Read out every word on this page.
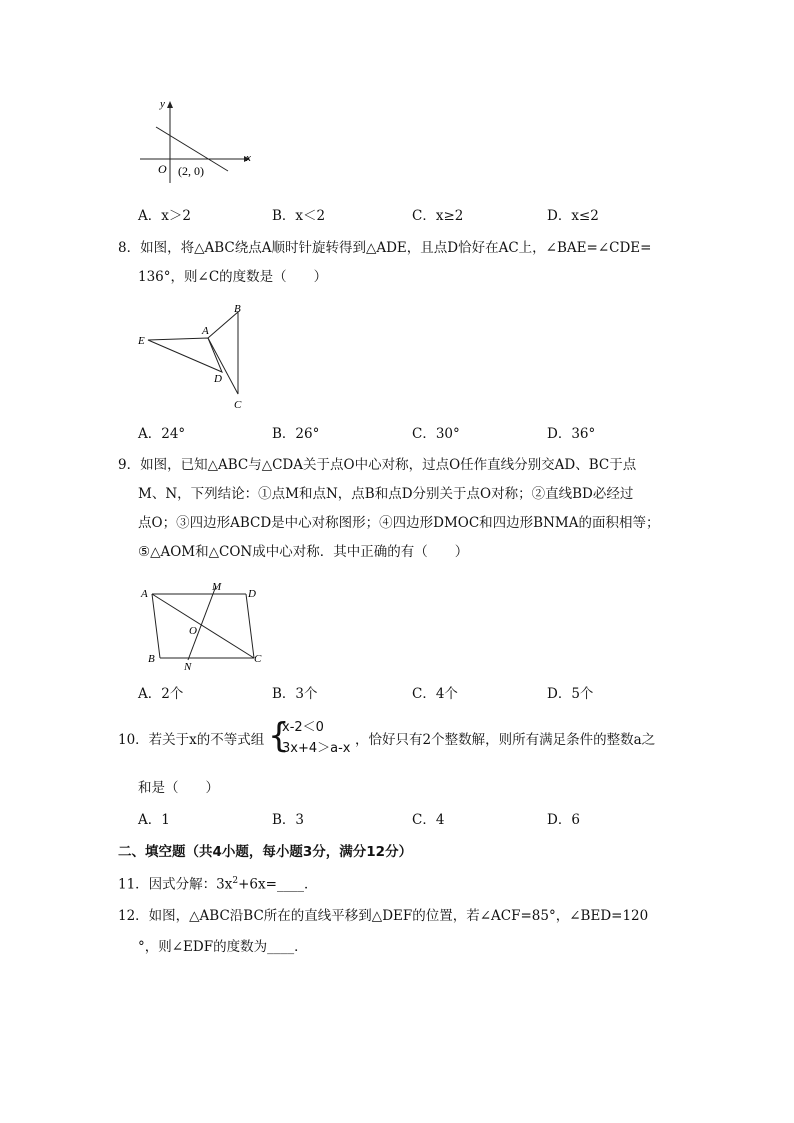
y
x
O (2, 0)
A．x＞2	B．x＜2	C．x≥2	D．x≤2
8．如图，将△ABC绕点A顺时针旋转得到△ADE，且点D恰好在AC上，∠BAE=∠CDE=
136°，则∠C的度数是（　　）
E
A
B
D
C
A．24°	B．26°	C．30°	D．36°
9．如图，已知△ABC与△CDA关于点O中心对称，过点O任作直线分别交AD、BC于点
M、N，下列结论：①点M和点N，点B和点D分别关于点O对称；②直线BD必经过
点O；③四边形ABCD是中心对称图形；④四边形DMOC和四边形BNMA的面积相等；
⑤△AOM和△CON成中心对称．其中正确的有（　　）
A
M
D
O
B
N
C
A．2个	B．3个	C．4个	D．5个
10．若关于x的不等式组 {
x-2＜0
3x+4＞a-x
，恰好只有2个整数解，则所有满足条件的整数a之
和是（　　）
A．1	B．3	C．4	D．6
二、填空题（共4小题，每小题3分，满分12分）
11．因式分解：$3x^2+6x=\_\_\_\_$．
12．如图，△ABC沿BC所在的直线平移到△DEF的位置，若∠ACF=85°，∠BED=120
°，则∠EDF的度数为____．
